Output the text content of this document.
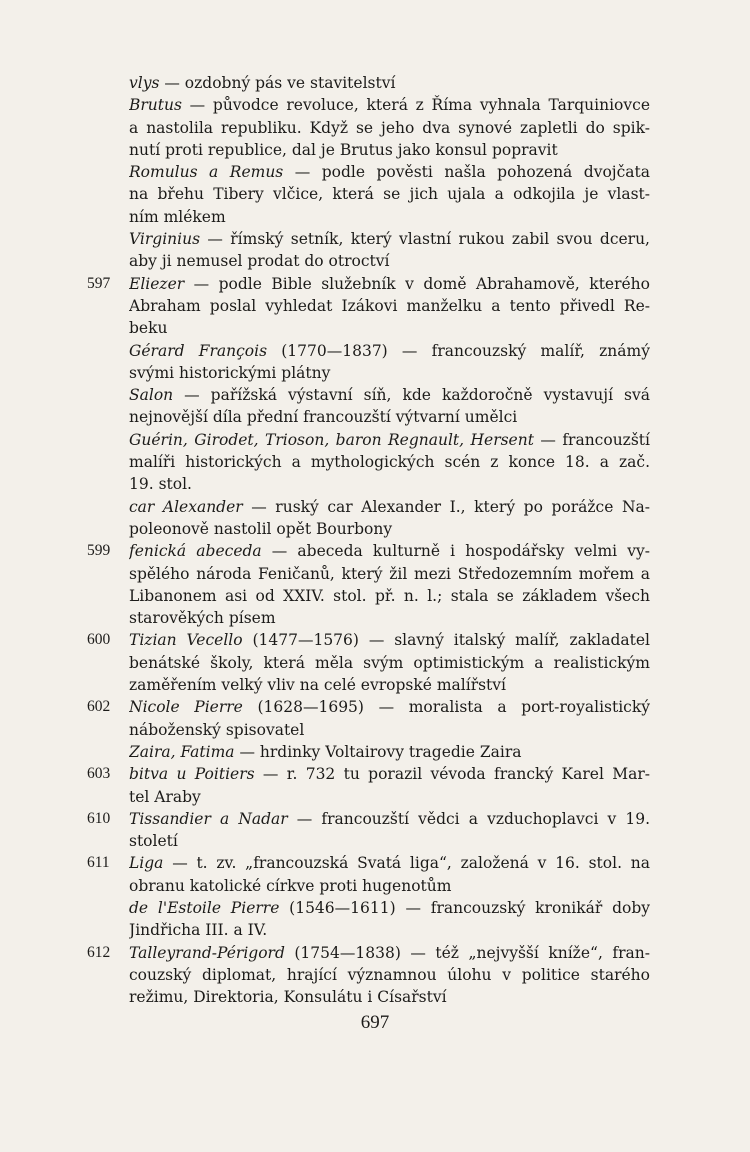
vlys — ozdobný pás ve stavitelství
Brutus — původce revoluce, která z Říma vyhnala Tarquiniovce
a nastolila republiku. Když se jeho dva synové zapletli do spik-
nutí proti republice, dal je Brutus jako konsul popravit
Romulus a Remus — podle pověsti našla pohozená dvojčata
na břehu Tibery vlčice, která se jich ujala a odkojila je vlast-
ním mlékem
Virginius — římský setník, který vlastní rukou zabil svou dceru,
aby ji nemusel prodat do otroctví
597 Eliezer — podle Bible služebník v domě Abrahamově, kterého
Abraham poslal vyhledat Izákovi manželku a tento přivedl Re-
beku
Gérard François (1770—1837) — francouzský malíř, známý
svými historickými plátny
Salon — pařížská výstavní síň, kde každoročně vystavují svá
nejnovější díla přední francouzští výtvarní umělci
Guérin, Girodet, Trioson, baron Regnault, Hersent — francouzští
malíři historických a mythologických scén z konce 18. a zač.
19. stol.
car Alexander — ruský car Alexander I., který po porážce Na-
poleonově nastolil opět Bourbony
599 fenická abeceda — abeceda kulturně i hospodářsky velmi vy-
spělého národa Feničanů, který žil mezi Středozemním mořem a
Libanonem asi od XXIV. stol. př. n. l.; stala se základem všech
starověkých písem
600 Tizian Vecello (1477—1576) — slavný italský malíř, zakladatel
benátské školy, která měla svým optimistickým a realistickým
zaměřením velký vliv na celé evropské malířství
602 Nicole Pierre (1628—1695) — moralista a port-royalistický
náboženský spisovatel
Zaira, Fatima — hrdinky Voltairovy tragedie Zaira
603 bitva u Poitiers — r. 732 tu porazil vévoda francký Karel Mar-
tel Araby
610 Tissandier a Nadar — francouzští vědci a vzduchoplavci v 19.
století
611 Liga — t. zv. „francouzská Svatá liga“, založená v 16. stol. na
obranu katolické církve proti hugenotům
de l'Estoile Pierre (1546—1611) — francouzský kronikář doby
Jindřicha III. a IV.
612 Talleyrand-Périgord (1754—1838) — též „nejvyšší kníže“, fran-
couzský diplomat, hrající významnou úlohu v politice starého
režimu, Direktoria, Konsulátu i Císařství
697
